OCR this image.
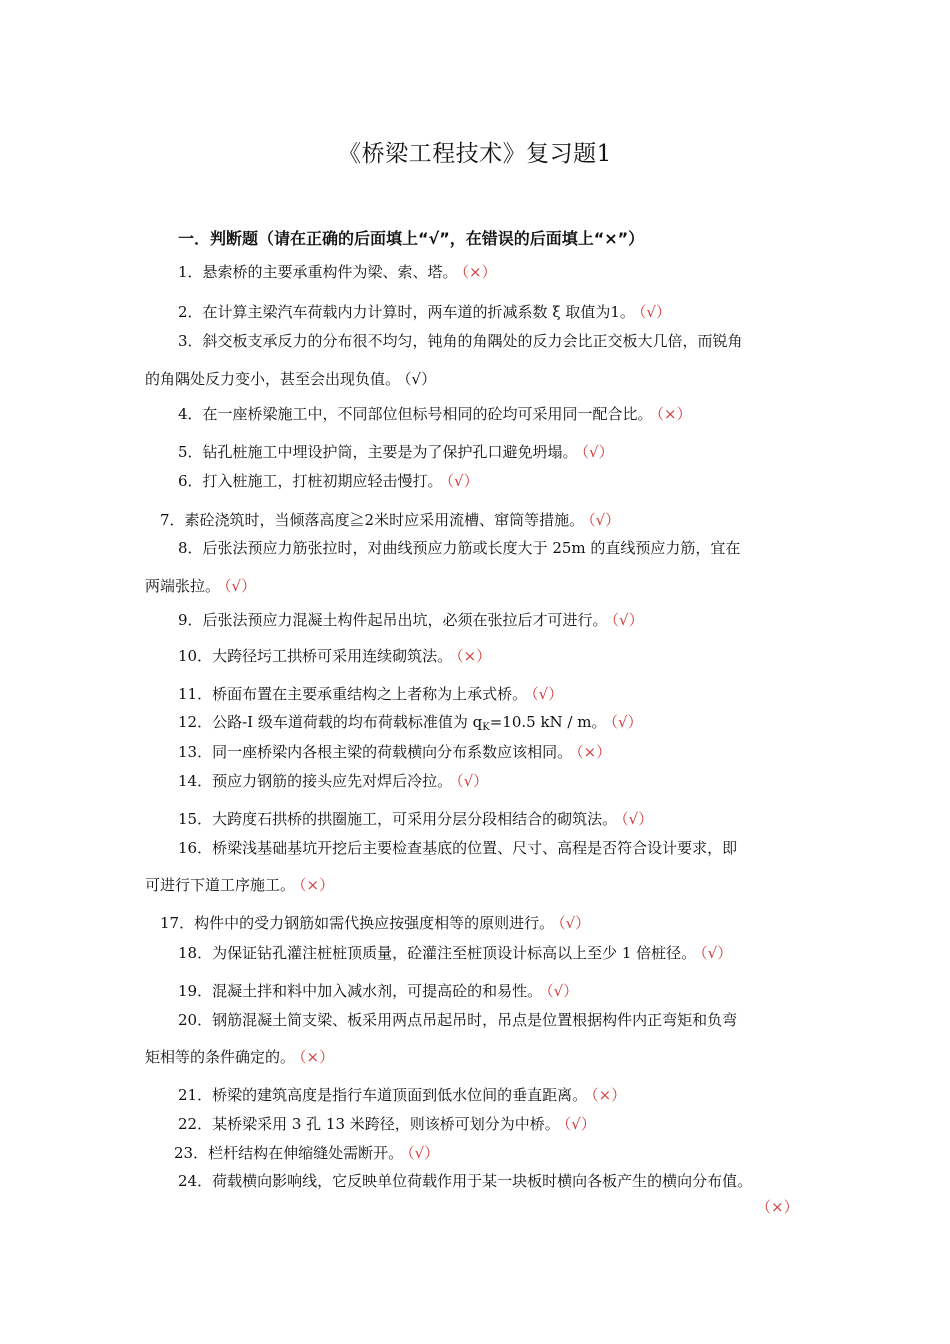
《桥梁工程技术》复习题1
一．判断题（请在正确的后面填上“√”，在错误的后面填上“×”）
1．悬索桥的主要承重构件为梁、索、塔。 （×）
2．在计算主梁汽车荷载内力计算时，两车道的折减系数 ξ 取值为1。 （√）
3．斜交板支承反力的分布很不均匀，钝角的角隅处的反力会比正交板大几倍，而锐角
的角隅处反力变小，甚至会出现负值。 （√）
4．在一座桥梁施工中，不同部位但标号相同的砼均可采用同一配合比。 （×）
5．钻孔桩施工中埋设护筒，主要是为了保护孔口避免坍塌。 （√）
6．打入桩施工，打桩初期应轻击慢打。 （√）
7．素砼浇筑时，当倾落高度≧2米时应采用流槽、窜筒等措施。 （√）
8．后张法预应力筋张拉时，对曲线预应力筋或长度大于 25m 的直线预应力筋，宜在
两端张拉。 （√）
9．后张法预应力混凝土构件起吊出坑，必须在张拉后才可进行。 （√）
10．大跨径圬工拱桥可采用连续砌筑法。 （×）
11．桥面布置在主要承重结构之上者称为上承式桥。 （√）
12．公路-I 级车道荷载的均布荷载标准值为 $q_K=10.5$ kN / m。 （√）
13．同一座桥梁内各根主梁的荷载横向分布系数应该相同。 （×）
14．预应力钢筋的接头应先对焊后冷拉。 （√）
15．大跨度石拱桥的拱圈施工，可采用分层分段相结合的砌筑法。 （√）
16．桥梁浅基础基坑开挖后主要检查基底的位置、尺寸、高程是否符合设计要求，即
可进行下道工序施工。 （×）
17．构件中的受力钢筋如需代换应按强度相等的原则进行。 （√）
18．为保证钻孔灌注桩桩顶质量，砼灌注至桩顶设计标高以上至少 1 倍桩径。 （√）
19．混凝土拌和料中加入减水剂，可提高砼的和易性。 （√）
20．钢筋混凝土简支梁、板采用两点吊起吊时，吊点是位置根据构件内正弯矩和负弯
矩相等的条件确定的。 （×）
21．桥梁的建筑高度是指行车道顶面到低水位间的垂直距离。 （×）
22．某桥梁采用 3 孔 13 米跨径，则该桥可划分为中桥。 （√）
23．栏杆结构在伸缩缝处需断开。 （√）
24．荷载横向影响线，它反映单位荷载作用于某一块板时横向各板产生的横向分布值。
（×）
